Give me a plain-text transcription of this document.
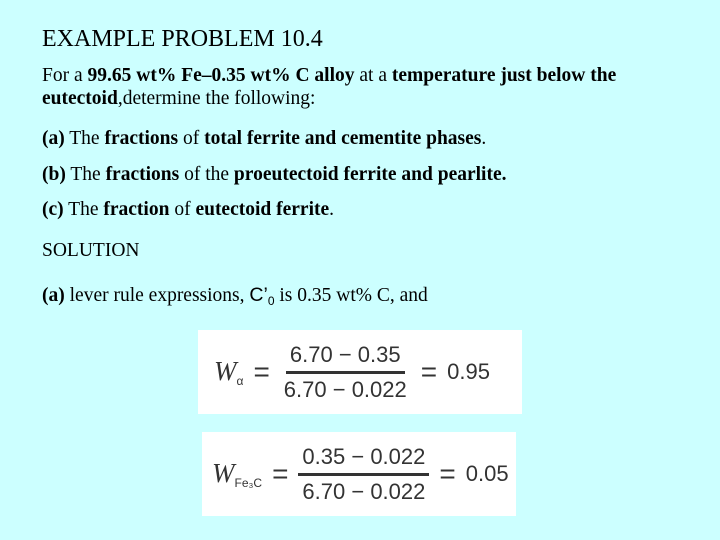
EXAMPLE PROBLEM 10.4
For a 99.65 wt% Fe–0.35 wt% C alloy at a temperature just below the eutectoid,determine the following:
(a) The fractions of total ferrite and cementite phases.
(b) The fractions of the proeutectoid ferrite and pearlite.
(c) The fraction of eutectoid ferrite.
SOLUTION
(a) lever rule expressions, $C’_0$ is 0.35 wt% C, and
$W_\alpha = \frac{6.70 - 0.35}{6.70 - 0.022} = 0.95$
$W_{Fe_3C} = \frac{0.35 - 0.022}{6.70 - 0.022} = 0.05$
